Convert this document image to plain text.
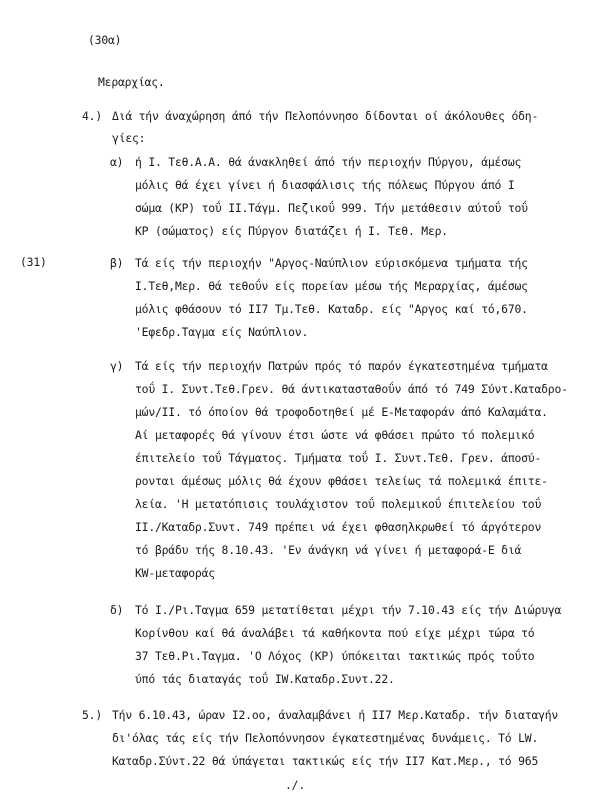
(30α)
Μεραρχίας.
4.) Διά τήν άναχώρηση άπό τήν Πελοπόννησο δίδονται οί άκόλουθες όδη-
γίες:
α) ή I. Τεθ.Α.Α. θά άνακληθεί άπό τήν περιοχήν Πύργου, άμέσως
μόλις θά έχει γίνει ή διασφάλισις τής πόλεως Πύργου άπό I
σώμα (ΚΡ) τοΰ II.Τάγμ. Πεζικοΰ 999. Τήν μετάθεσιν αύτοΰ τοΰ
ΚΡ (σώματος) είς Πύργον διατάζει ή I. Τεθ. Μερ.
(31)	β) Τά είς τήν περιοχήν "Αργος-Ναύπλιον εύρισκόμενα τμήματα τής
I.Τεθ,Μερ. θά τεθοΰν είς πορείαν μέσω τής Μεραρχίας, άμέσως
μόλις φθάσουν τό II7 Τμ.Τεθ. Καταδρ. είς "Αργος καί τό,670.
'Εφεδρ.Ταγμα είς Ναύπλιον.
γ) Τά είς τήν περιοχήν Πατρών πρός τό παρόν έγκατεστημένα τμήματα
τοΰ I. Συντ.Τεθ.Γρεν. θά άντικατασταθοΰν άπό τό 749 Σύντ.Καταδρο-
μών/II. τό όποίον θά τροφοδοτηθεί μέ Ε-Μεταφοράν άπό Καλαμάτα.
Αί μεταφορές θά γίνουν έτσι ώστε νά φθάσει πρώτο τό πολεμικό
έπιτελείο τοΰ Τάγματος. Τμήματα τοΰ I. Συντ.Τεθ. Γρεν. άποσύ-
ρονται άμέσως μόλις θά έχουν φθάσει τελείως τά πολεμικά έπιτε-
λεία. 'Η μετατόπισις τουλάχιστον τοΰ πολεμικοΰ έπιτελείου τοΰ
II./Καταδρ.Συντ. 749 πρέπει νά έχει φθασηλκρωθεί τό άργότερον
τό βράδυ τής 8.10.43. 'Εν άνάγκη νά γίνει ή μεταφορά-Ε διά
ΚW-μεταφοράς
δ) Τό I./Pι.Ταγμα 659 μετατίθεται μέχρι τήν 7.10.43 είς τήν Διώρυγα
Κορίνθου καί θά άναλάβει τά καθήκοντα πού είχε μέχρι τώρα τό
37 Τεθ.Pι.Ταγμα. 'Ο Λόχος (ΚΡ) ύπόκειται τακτικώς πρός τοΰτο
ύπό τάς διαταγάς τοΰ IW.Καταδρ.Συντ.22.
5.) Τήν 6.10.43, ώραν I2.oo, άναλαμβάνει ή II7 Μερ.Καταδρ. τήν διαταγήν
δι'όλας τάς είς τήν Πελοπόννησον έγκατεστημένας δυνάμεις. Τό LW.
Καταδρ.Σύντ.22 θά ύπάγεται τακτικώς είς τήν II7 Κατ.Μερ., τό 965
./.
